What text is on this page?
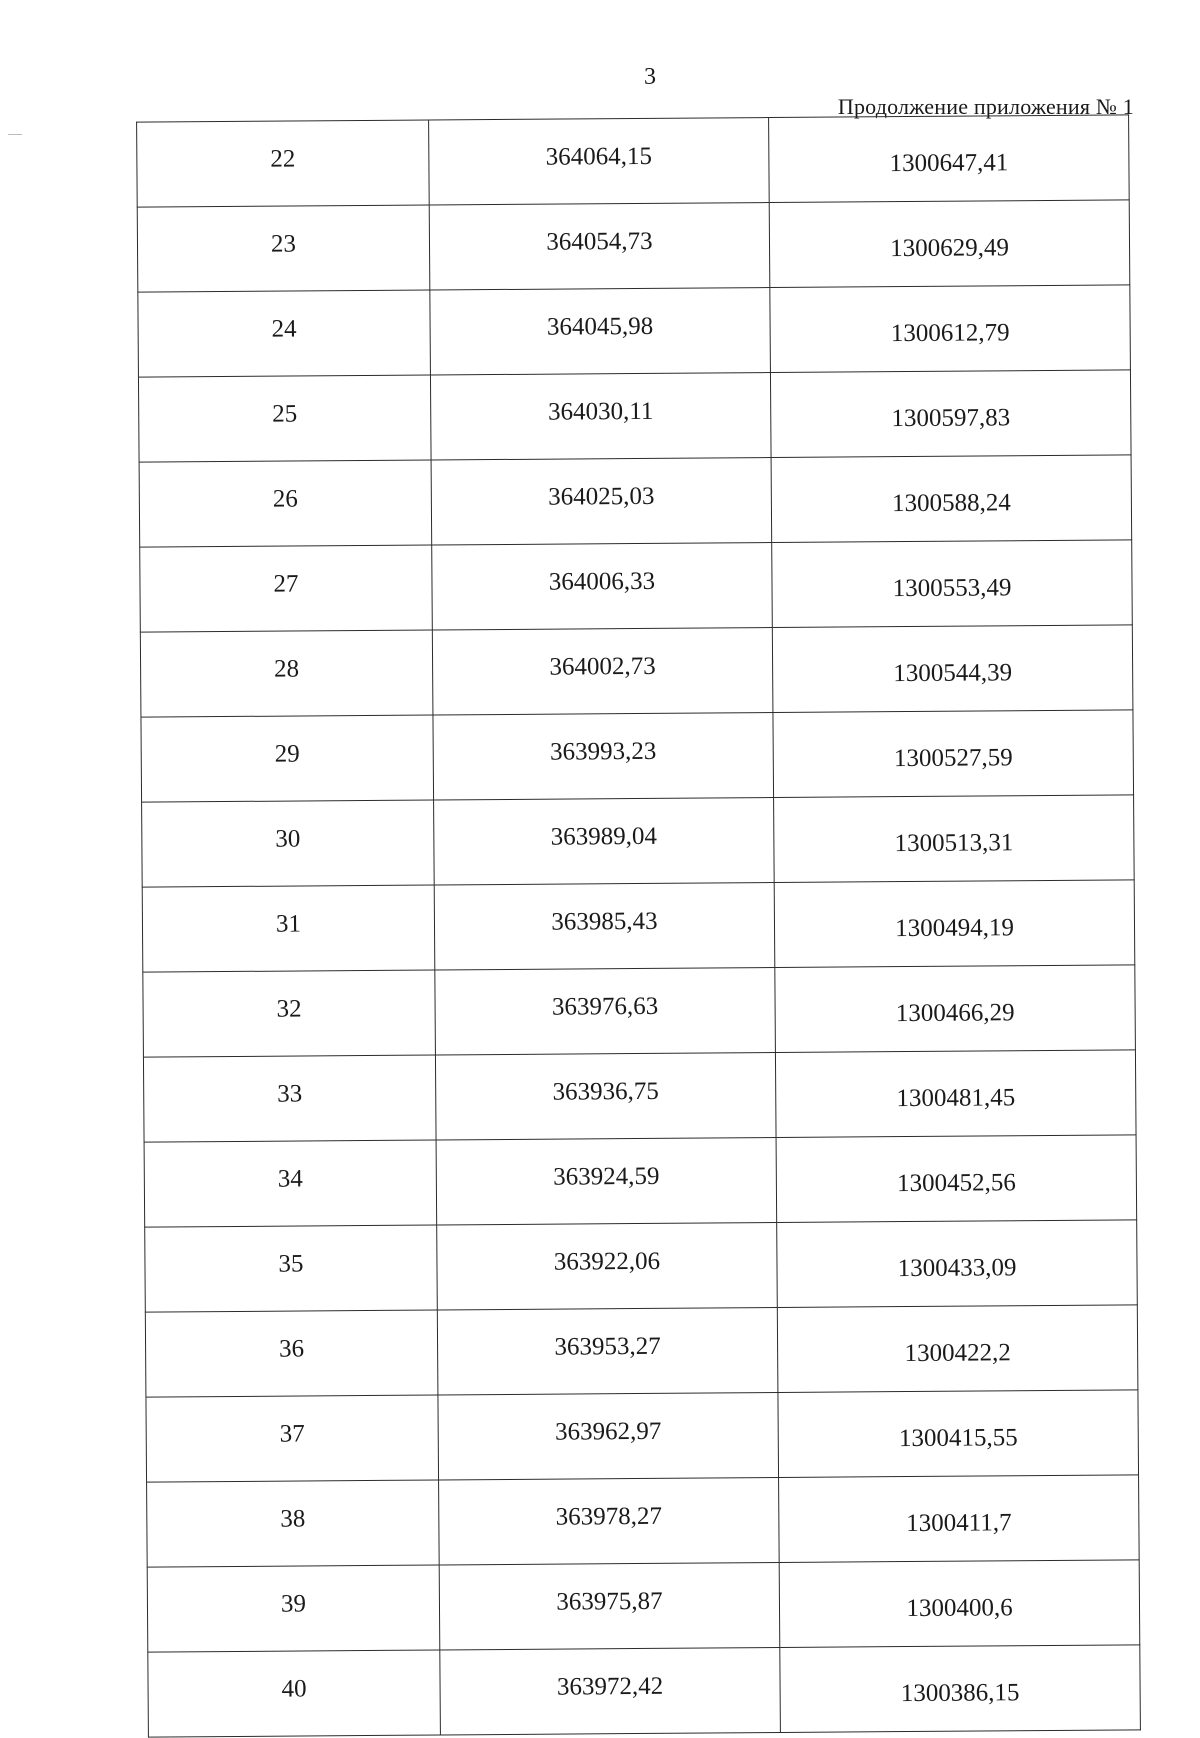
3
Продолжение приложения № 1
22	364064,15	1300647,41
23	364054,73	1300629,49
24	364045,98	1300612,79
25	364030,11	1300597,83
26	364025,03	1300588,24
27	364006,33	1300553,49
28	364002,73	1300544,39
29	363993,23	1300527,59
30	363989,04	1300513,31
31	363985,43	1300494,19
32	363976,63	1300466,29
33	363936,75	1300481,45
34	363924,59	1300452,56
35	363922,06	1300433,09
36	363953,27	1300422,2
37	363962,97	1300415,55
38	363978,27	1300411,7
39	363975,87	1300400,6
40	363972,42	1300386,15
